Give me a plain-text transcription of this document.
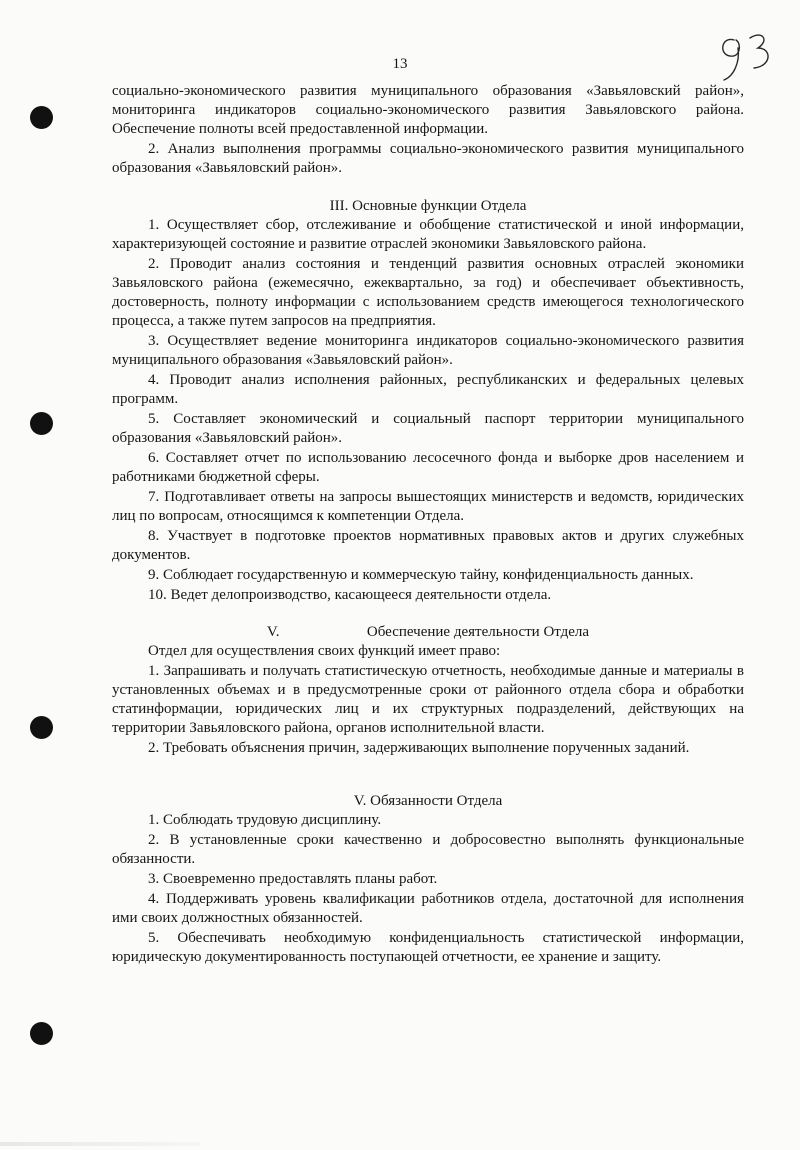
13

социально-экономического развития муниципального образования «Завьяловский район», мониторинга индикаторов социально-экономического развития Завьяловского района. Обеспечение полноты всей предоставленной информации.

2. Анализ выполнения программы социально-экономического развития муниципального образования «Завьяловский район».

III. Основные функции Отдела

1. Осуществляет сбор, отслеживание и обобщение статистической и иной информации, характеризующей состояние и развитие отраслей экономики Завьяловского района.

2. Проводит анализ состояния и тенденций развития основных отраслей экономики Завьяловского района (ежемесячно, ежеквартально, за год) и обеспечивает объективность, достоверность, полноту информации с использованием средств имеющегося технологического процесса, а также путем запросов на предприятия.

3. Осуществляет ведение мониторинга индикаторов социально-экономического развития муниципального образования «Завьяловский район».

4. Проводит анализ исполнения районных, республиканских и федеральных целевых программ.

5. Составляет экономический и социальный паспорт территории муниципального образования «Завьяловский район».

6. Составляет отчет по использованию лесосечного фонда и выборке дров населением и работниками бюджетной сферы.

7. Подготавливает ответы на запросы вышестоящих министерств и ведомств, юридических лиц по вопросам, относящимся к компетенции Отдела.

8. Участвует в подготовке проектов нормативных правовых актов и других служебных документов.

9. Соблюдает государственную и коммерческую тайну, конфиденциальность данных.

10. Ведет делопроизводство, касающееся деятельности отдела.

V.	Обеспечение деятельности Отдела

Отдел для осуществления своих функций имеет право:

1. Запрашивать и получать статистическую отчетность, необходимые данные и материалы в установленных объемах и в предусмотренные сроки от районного отдела сбора и обработки статинформации, юридических лиц и их структурных подразделений, действующих на территории Завьяловского района, органов исполнительной власти.

2. Требовать объяснения причин, задерживающих выполнение порученных заданий.

V. Обязанности Отдела

1. Соблюдать трудовую дисциплину.

2. В установленные сроки качественно и добросовестно выполнять функциональные обязанности.

3. Своевременно предоставлять планы работ.

4. Поддерживать уровень квалификации работников отдела, достаточной для исполнения ими своих должностных обязанностей.

5. Обеспечивать необходимую конфиденциальность статистической информации, юридическую документированность поступающей отчетности, ее хранение и защиту.
